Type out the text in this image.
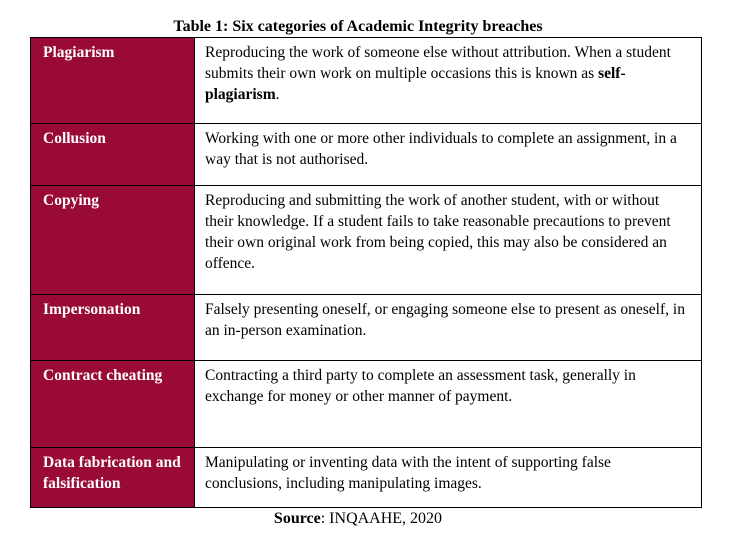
Table 1: Six categories of Academic Integrity breaches

Plagiarism	Reproducing the work of someone else without attribution. When a student submits their own work on multiple occasions this is known as self-plagiarism.
Collusion	Working with one or more other individuals to complete an assignment, in a way that is not authorised.
Copying	Reproducing and submitting the work of another student, with or without their knowledge. If a student fails to take reasonable precautions to prevent their own original work from being copied, this may also be considered an offence.
Impersonation	Falsely presenting oneself, or engaging someone else to present as oneself, in an in-person examination.
Contract cheating	Contracting a third party to complete an assessment task, generally in exchange for money or other manner of payment.
Data fabrication and falsification	Manipulating or inventing data with the intent of supporting false conclusions, including manipulating images.

Source: INQAAHE, 2020
